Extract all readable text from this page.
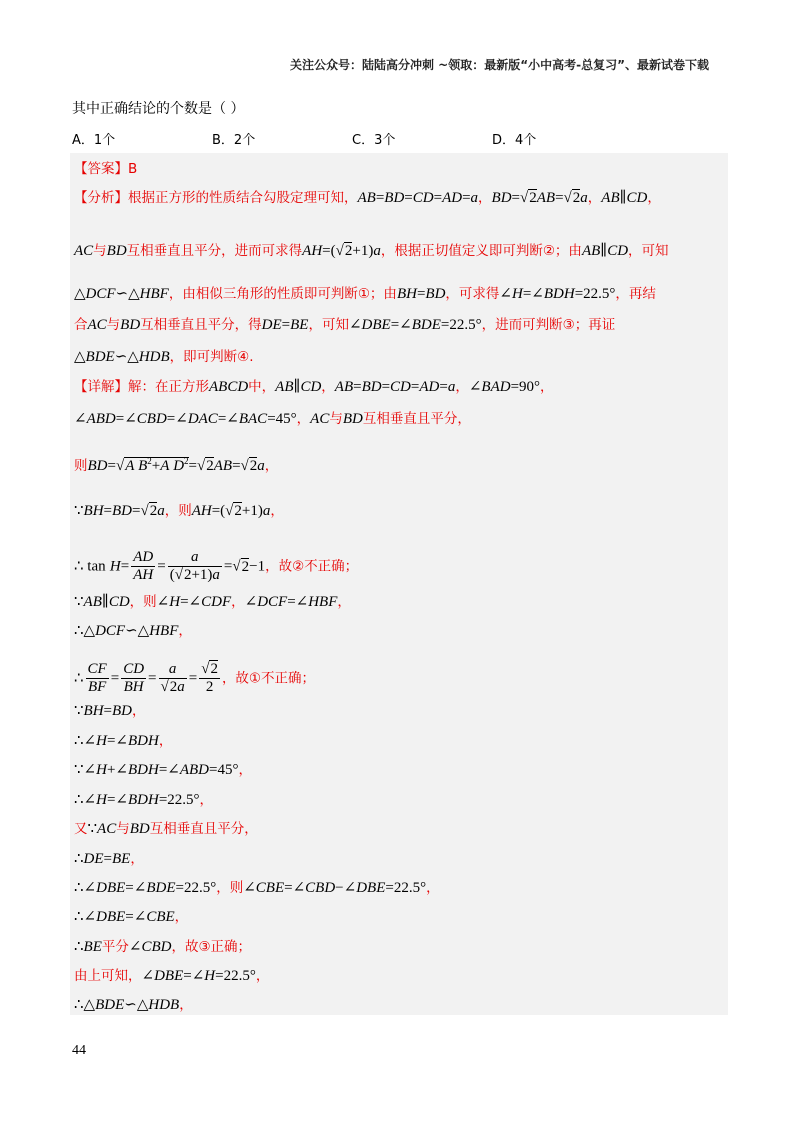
关注公众号：陆陆高分冲刺 ~领取：最新版“小中高考-总复习”、最新试卷下载
其中正确结论的个数是（ ）
A．1个	B．2个	C．3个	D．4个
【答案】B
【分析】根据正方形的性质结合勾股定理可知，AB=BD=CD=AD=a，BD=√2AB=√2a，AB∥CD，
AC与BD互相垂直且平分，进而可求得AH=(√2+1)a，根据正切值定义即可判断②；由AB∥CD，可知
△DCF∽△HBF，由相似三角形的性质即可判断①；由BH=BD，可求得∠H=∠BDH=22.5°，再结
合AC与BD互相垂直且平分，得DE=BE，可知∠DBE=∠BDE=22.5°，进而可判断③；再证
△BDE∽△HDB，即可判断④.
【详解】解：在正方形ABCD中，AB∥CD，AB=BD=CD=AD=a，∠BAD=90°，
∠ABD=∠CBD=∠DAC=∠BAC=45°，AC与BD互相垂直且平分，
则BD=√A $B^2+A$ $D^2=√2AB=√2a$，
∵BH=BD=√2a，则AH=(√2+1)a，
∴ $\tan H= \frac{AD}{AH} = \frac{a}{(√2+1)a} =√2-1$，故②不正确；
∵AB∥CD，则∠H=∠CDF，∠DCF=∠HBF，
∴△DCF∽△HBF，
∴ $\frac{CF}{BF} = \frac{CD}{BH} = \frac{a}{√2a} = \frac{√2}{2}$ ，故①不正确；
∵BH=BD，
∴∠H=∠BDH，
∵∠H+∠BDH=∠ABD=45°，
∴∠H=∠BDH=22.5°，
又∵AC与BD互相垂直且平分，
∴DE=BE，
∴∠DBE=∠BDE=22.5°，则∠CBE=∠CBD−∠DBE=22.5°，
∴∠DBE=∠CBE，
∴BE平分∠CBD，故③正确；
由上可知，∠DBE=∠H=22.5°，
∴△BDE∽△HDB，
44
